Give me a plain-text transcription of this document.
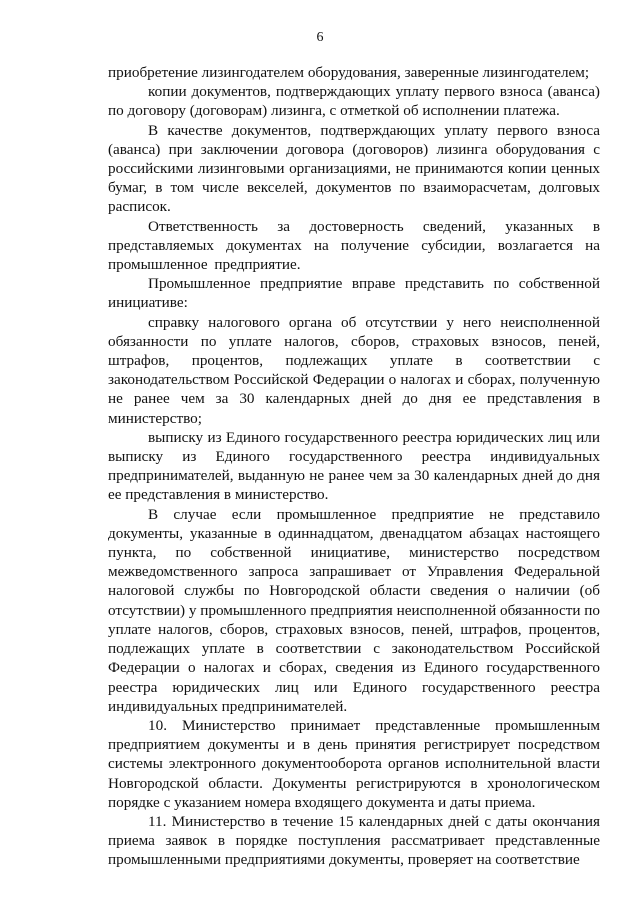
6

приобретение лизингодателем оборудования, заверенные лизингодателем;

копии документов, подтверждающих уплату первого взноса (аванса) по договору (договорам) лизинга, с отметкой об исполнении платежа.

В качестве документов, подтверждающих уплату первого взноса (аванса) при заключении договора (договоров) лизинга оборудования с российскими лизинговыми организациями, не принимаются копии ценных бумаг, в том числе векселей, документов по взаиморасчетам, долговых расписок.

Ответственность за достоверность сведений, указанных в представляемых документах на получение субсидии, возлагается на промышленное предприятие.

Промышленное предприятие вправе представить по собственной инициативе:

справку налогового органа об отсутствии у него неисполненной обязанности по уплате налогов, сборов, страховых взносов, пеней, штрафов, процентов, подлежащих уплате в соответствии с законодательством Российской Федерации о налогах и сборах, полученную не ранее чем за 30 календарных дней до дня ее представления в министерство;

выписку из Единого государственного реестра юридических лиц или выписку из Единого государственного реестра индивидуальных предпринимателей, выданную не ранее чем за 30 календарных дней до дня ее представления в министерство.

В случае если промышленное предприятие не представило документы, указанные в одиннадцатом, двенадцатом абзацах настоящего пункта, по собственной инициативе, министерство посредством межведомственного запроса запрашивает от Управления Федеральной налоговой службы по Новгородской области сведения о наличии (об отсутствии) у промышленного предприятия неисполненной обязанности по уплате налогов, сборов, страховых взносов, пеней, штрафов, процентов, подлежащих уплате в соответствии с законодательством Российской Федерации о налогах и сборах, сведения из Единого государственного реестра юридических лиц или Единого государственного реестра индивидуальных предпринимателей.

10. Министерство принимает представленные промышленным предприятием документы и в день принятия регистрирует посредством системы электронного документооборота органов исполнительной власти Новгородской области. Документы регистрируются в хронологическом порядке с указанием номера входящего документа и даты приема.

11. Министерство в течение 15 календарных дней с даты окончания приема заявок в порядке поступления рассматривает представленные промышленными предприятиями документы, проверяет на соответствие
